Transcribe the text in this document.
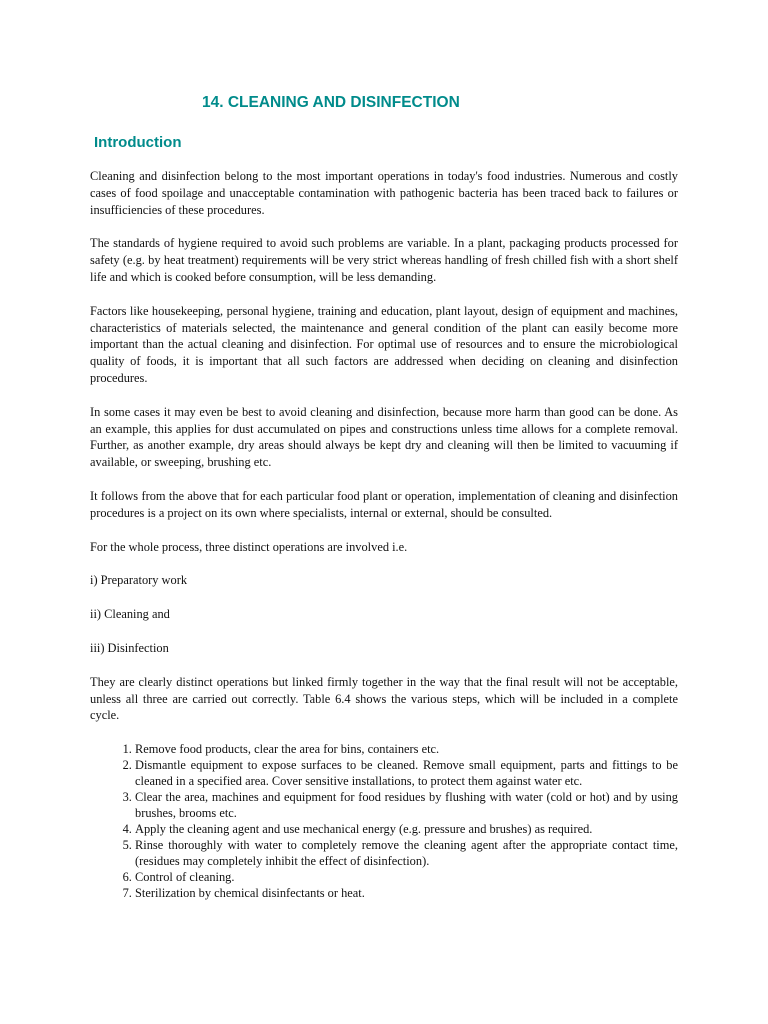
14. CLEANING AND DISINFECTION
Introduction

Cleaning and disinfection belong to the most important operations in today's food industries. Numerous and costly cases of food spoilage and unacceptable contamination with pathogenic bacteria has been traced back to failures or insufficiencies of these procedures.

The standards of hygiene required to avoid such problems are variable. In a plant, packaging products processed for safety (e.g. by heat treatment) requirements will be very strict whereas handling of fresh chilled fish with a short shelf life and which is cooked before consumption, will be less demanding.

Factors like housekeeping, personal hygiene, training and education, plant layout, design of equipment and machines, characteristics of materials selected, the maintenance and general condition of the plant can easily become more important than the actual cleaning and disinfection. For optimal use of resources and to ensure the microbiological quality of foods, it is important that all such factors are addressed when deciding on cleaning and disinfection procedures.

In some cases it may even be best to avoid cleaning and disinfection, because more harm than good can be done. As an example, this applies for dust accumulated on pipes and constructions unless time allows for a complete removal. Further, as another example, dry areas should always be kept dry and cleaning will then be limited to vacuuming if available, or sweeping, brushing etc.

It follows from the above that for each particular food plant or operation, implementation of cleaning and disinfection procedures is a project on its own where specialists, internal or external, should be consulted.

For the whole process, three distinct operations are involved i.e.

i) Preparatory work

ii) Cleaning and

iii) Disinfection

They are clearly distinct operations but linked firmly together in the way that the final result will not be acceptable, unless all three are carried out correctly. Table 6.4 shows the various steps, which will be included in a complete cycle.

1. Remove food products, clear the area for bins, containers etc.
2. Dismantle equipment to expose surfaces to be cleaned. Remove small equipment, parts and fittings to be cleaned in a specified area. Cover sensitive installations, to protect them against water etc.
3. Clear the area, machines and equipment for food residues by flushing with water (cold or hot) and by using brushes, brooms etc.
4. Apply the cleaning agent and use mechanical energy (e.g. pressure and brushes) as required.
5. Rinse thoroughly with water to completely remove the cleaning agent after the appropriate contact time, (residues may completely inhibit the effect of disinfection).
6. Control of cleaning.
7. Sterilization by chemical disinfectants or heat.
